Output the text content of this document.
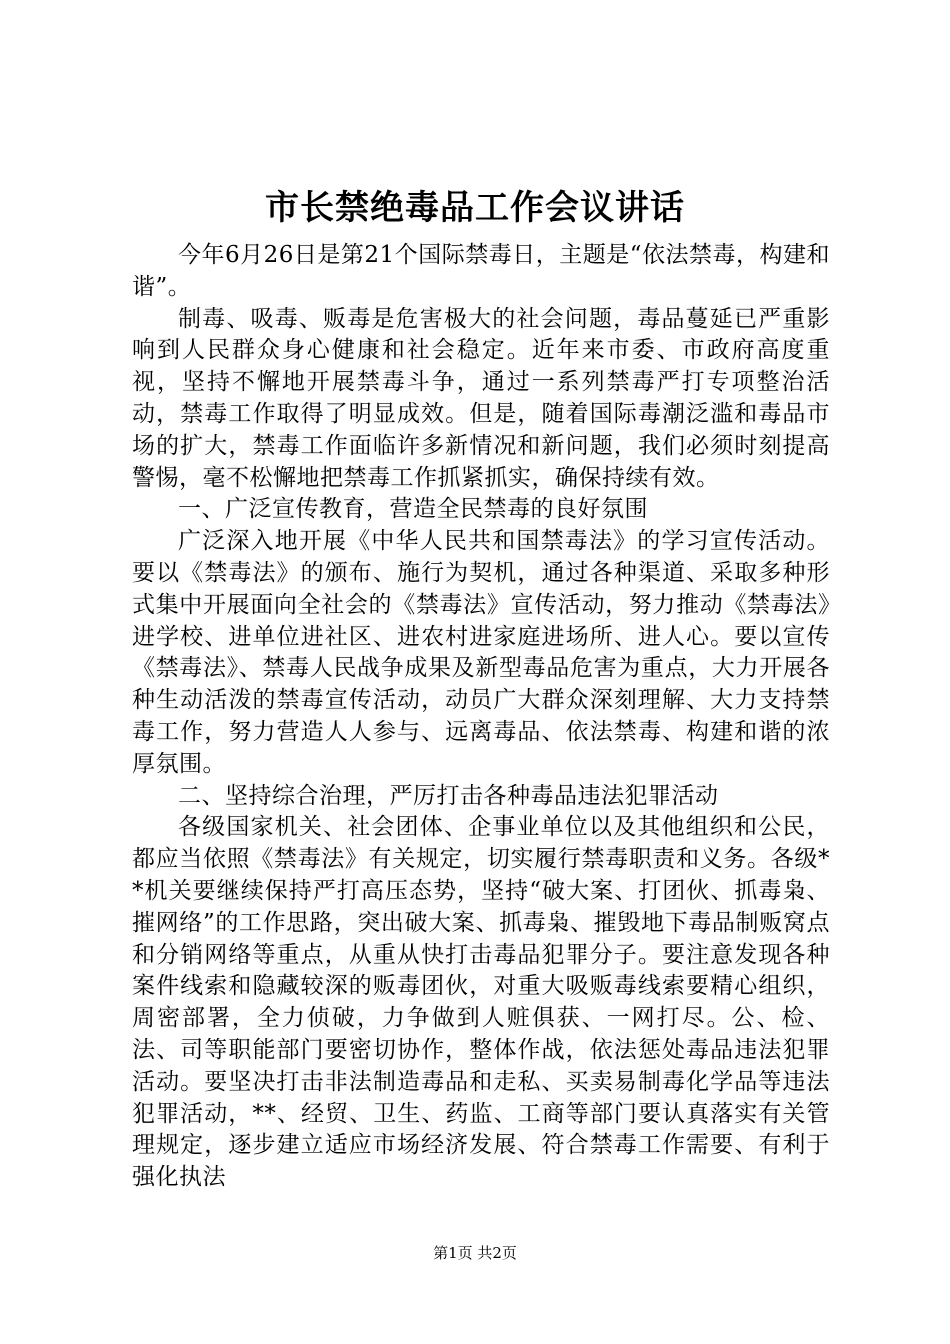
市长禁绝毒品工作会议讲话

今年6月26日是第21个国际禁毒日，主题是“依法禁毒，构建和谐”。

制毒、吸毒、贩毒是危害极大的社会问题，毒品蔓延已严重影响到人民群众身心健康和社会稳定。近年来市委、市政府高度重视，坚持不懈地开展禁毒斗争，通过一系列禁毒严打专项整治活动，禁毒工作取得了明显成效。但是，随着国际毒潮泛滥和毒品市场的扩大，禁毒工作面临许多新情况和新问题，我们必须时刻提高警惕，毫不松懈地把禁毒工作抓紧抓实，确保持续有效。

一、广泛宣传教育，营造全民禁毒的良好氛围

广泛深入地开展《中华人民共和国禁毒法》的学习宣传活动。要以《禁毒法》的颁布、施行为契机，通过各种渠道、采取多种形式集中开展面向全社会的《禁毒法》宣传活动，努力推动《禁毒法》进学校、进单位进社区、进农村进家庭进场所、进人心。要以宣传《禁毒法》、禁毒人民战争成果及新型毒品危害为重点，大力开展各种生动活泼的禁毒宣传活动，动员广大群众深刻理解、大力支持禁毒工作，努力营造人人参与、远离毒品、依法禁毒、构建和谐的浓厚氛围。

二、坚持综合治理，严厉打击各种毒品违法犯罪活动

各级国家机关、社会团体、企事业单位以及其他组织和公民，都应当依照《禁毒法》有关规定，切实履行禁毒职责和义务。各级**机关要继续保持严打高压态势，坚持“破大案、打团伙、抓毒枭、摧网络”的工作思路，突出破大案、抓毒枭、摧毁地下毒品制贩窝点和分销网络等重点，从重从快打击毒品犯罪分子。要注意发现各种案件线索和隐藏较深的贩毒团伙，对重大吸贩毒线索要精心组织，周密部署，全力侦破，力争做到人赃俱获、一网打尽。公、检、法、司等职能部门要密切协作，整体作战，依法惩处毒品违法犯罪活动。要坚决打击非法制造毒品和走私、买卖易制毒化学品等违法犯罪活动，**、经贸、卫生、药监、工商等部门要认真落实有关管理规定，逐步建立适应市场经济发展、符合禁毒工作需要、有利于强化执法

第1页 共2页
